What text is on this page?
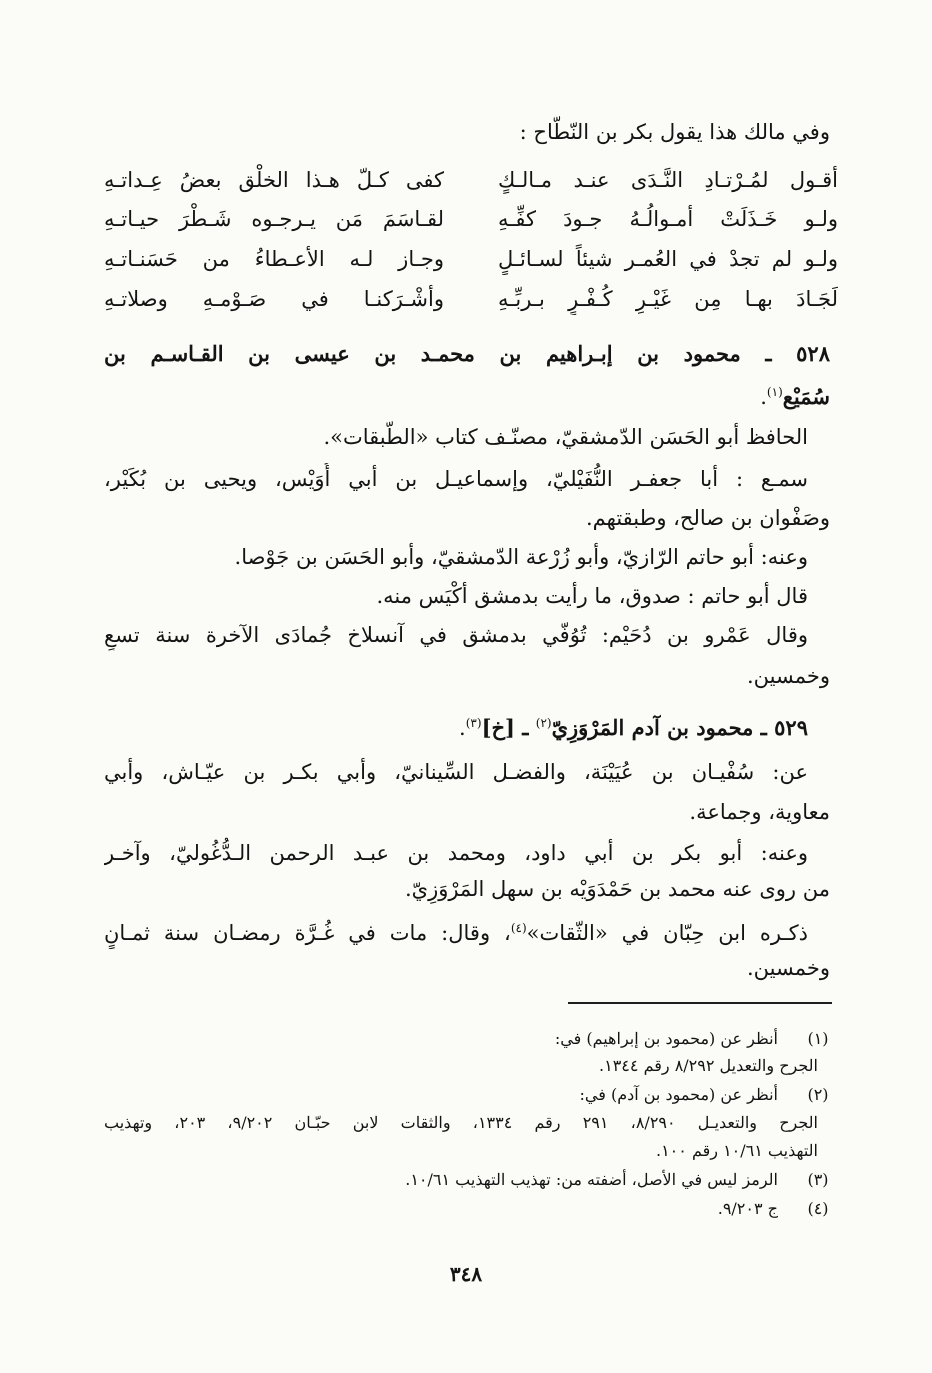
وفي مالك هذا يقول بكر بن النّطّاح :
أقـول لمُـرْتـادِ النَّـدَى عنـد مـالـكٍ
كفى كـلّ هـذا الخلْق بعضُ عِـداتـهِ
ولـو خَـذَلَتْ أمـوالُـهُ جـودَ كفِّـهِ
لقـاسَمَ مَن يـرجـوه شَـطْرَ حيـاتـهِ
ولـو لم تجدْ في العُمـر شيئاً لسـائـلٍ
وجـاز لـه الأعـطاءُ من حَسَنـاتـهِ
لَجَـادَ بهـا مِن غَيْـرِ كُـفْـرٍ بـربِّـهِ
وأشْـرَكنـا في صَـوْمـهِ وصلاتـهِ
٥٢٨ ـ محمود بن إبـراهيم بن محمـد بن عيسى بن القـاسـم بن
سُمَيْع$^{(١)}$.
الحافظ أبو الحَسَن الدّمشقيّ، مصنّـف كتاب «الطّبقات».
سمـع : أبا جعفـر النُّفَيْليّ، وإسماعيـل بن أبي أُوَيْس، ويحيى بن بُكَيْر،
وصَفْوان بن صالح، وطبقتهم.
وعنه: أبو حاتم الرّازيّ، وأبو زُرْعة الدّمشقيّ، وأبو الحَسَن بن جَوْصا.
قال أبو حاتم : صدوق، ما رأيت بدمشق أكْيَس منه.
وقال عَمْرو بن دُحَيْم: تُوُفّي بدمشق في آنسلاخ جُمادَى الآخرة سنة تسعٍ
وخمسين.
٥٢٩ ـ محمود بن آدم المَرْوَزِيّ$^{(٢)}$ ـ [خ]$^{(٣)}$.
عن: سُفْيـان بن عُيَيْنَة، والفضـل السِّينانيّ، وأبي بكـر بن عيّـاش، وأبي
معاوية، وجماعة.
وعنه: أبو بكر بن أبي داود، ومحمد بن عبـد الرحمن الـدُّغُوليّ، وآخـر
من روى عنه محمد بن حَمْدَوَيْه بن سهل المَرْوَزِيّ.
ذكـره ابن حِبّان في «الثّقات»$^{(٤)}$، وقال: مات في غُـرَّة رمضـان سنة ثمـانٍ
وخمسين.
(١)
أنظر عن (محمود بن إبراهيم) في:
الجرح والتعديل ٨/٢٩٢ رقم ١٣٤٤.
(٢)
أنظر عن (محمود بن آدم) في:
الجرح والتعديـل ٨/٢٩٠، ٢٩١ رقم ١٣٣٤، والثقات لابن حبّـان ٩/٢٠٢، ٢٠٣، وتهذيب
التهذيب ١٠/٦١ رقم ١٠٠.
(٣)
الرمز ليس في الأصل، أضفته من: تهذيب التهذيب ١٠/٦١.
(٤)
ج ٩/٢٠٣.
٣٤٨
